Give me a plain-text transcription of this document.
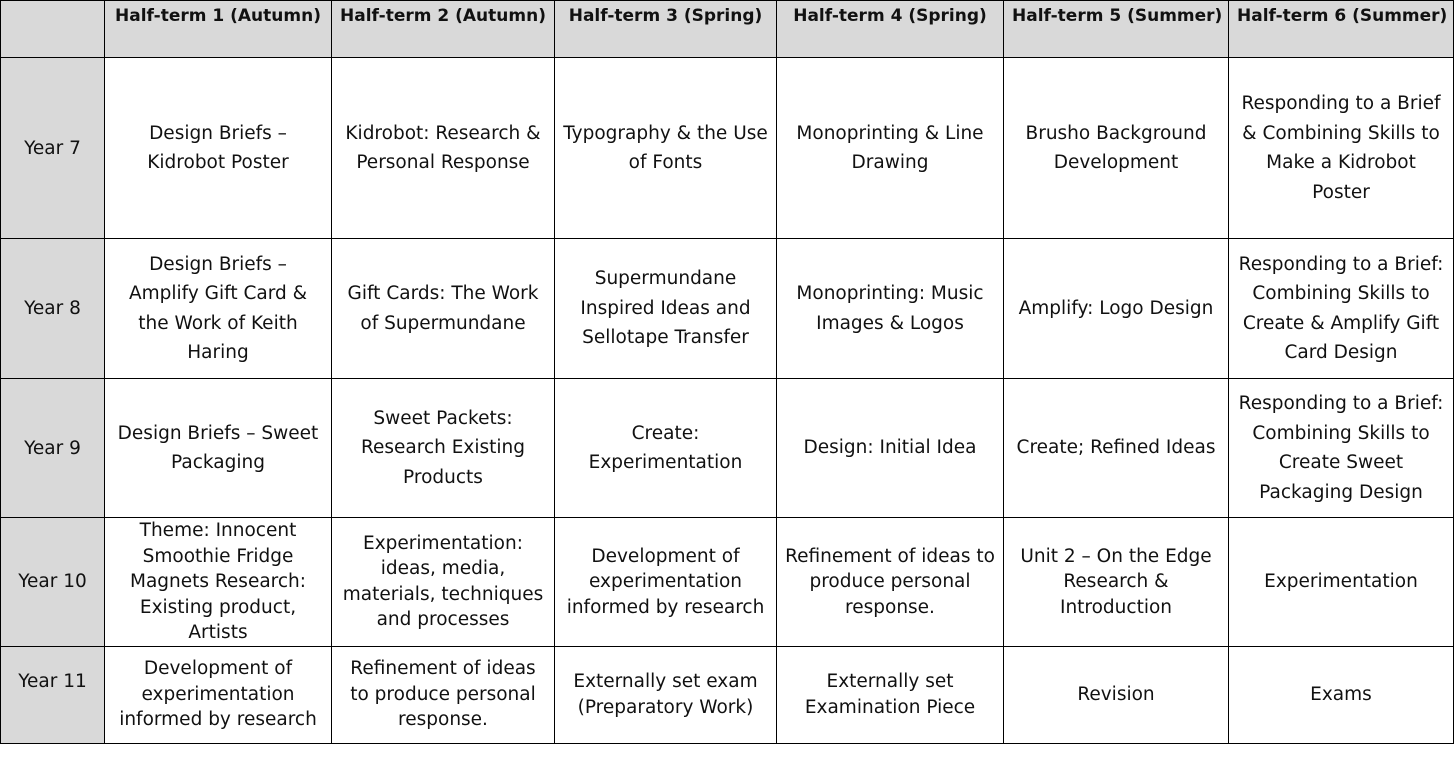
	Half-term 1 (Autumn)	Half-term 2 (Autumn)	Half-term 3 (Spring)	Half-term 4 (Spring)	Half-term 5 (Summer)	Half-term 6 (Summer)
Year 7	Design Briefs – Kidrobot Poster	Kidrobot: Research & Personal Response	Typography & the Use of Fonts	Monoprinting & Line Drawing	Brusho Background Development	Responding to a Brief & Combining Skills to Make a Kidrobot Poster
Year 8	Design Briefs – Amplify Gift Card & the Work of Keith Haring	Gift Cards: The Work of Supermundane	Supermundane Inspired Ideas and Sellotape Transfer	Monoprinting: Music Images & Logos	Amplify: Logo Design	Responding to a Brief: Combining Skills to Create & Amplify Gift Card Design
Year 9	Design Briefs – Sweet Packaging	Sweet Packets: Research Existing Products	Create: Experimentation	Design: Initial Idea	Create; Refined Ideas	Responding to a Brief: Combining Skills to Create Sweet Packaging Design
Year 10	Theme: Innocent Smoothie Fridge Magnets Research: Existing product, Artists	Experimentation: ideas, media, materials, techniques and processes	Development of experimentation informed by research	Refinement of ideas to produce personal response.	Unit 2 – On the Edge Research & Introduction	Experimentation
Year 11	Development of experimentation informed by research	Refinement of ideas to produce personal response.	Externally set exam (Preparatory Work)	Externally set Examination Piece	Revision	Exams
